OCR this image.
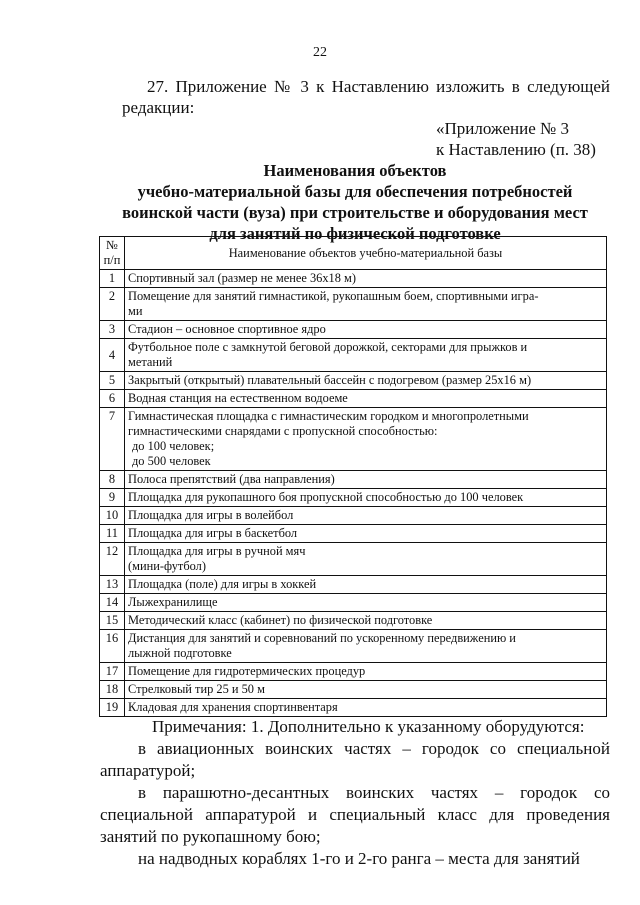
22
27. Приложение № 3 к Наставлению изложить в следующей
редакции:
«Приложение № 3
к Наставлению (п. 38)
Наименования объектов
учебно-материальной базы для обеспечения потребностей
воинской части (вуза) при строительстве и оборудования мест
для занятий по физической подготовке
№
п/п	Наименование объектов учебно-материальной базы
1	Спортивный зал (размер не менее 36х18 м)
2	Помещение для занятий гимнастикой, рукопашным боем, спортивными игра-
ми

3	Стадион – основное спортивное ядро
4	Футбольное поле с замкнутой беговой дорожкой, секторами для прыжков и
метаний

5	Закрытый (открытый) плавательный бассейн с подогревом (размер 25х16 м)
6	Водная станция на естественном водоеме
7	Гимнастическая площадка с гимнастическим городком и многопролетными
гимнастическими снарядами с пропускной способностью:
до 100 человек;
до 500 человек

8	Полоса препятствий (два направления)
9	Площадка для рукопашного боя пропускной способностью до 100 человек
10	Площадка для игры в волейбол
11	Площадка для игры в баскетбол
12	Площадка для игры в ручной мяч
(мини-футбол)

13	Площадка (поле) для игры в хоккей
14	Лыжехранилище
15	Методический класс (кабинет) по физической подготовке
16	Дистанция для занятий и соревнований по ускоренному передвижению и
лыжной подготовке

17	Помещение для гидротермических процедур
18	Стрелковый тир 25 и 50 м
19	Кладовая для хранения спортинвентаря

Примечания: 1. Дополнительно к указанному оборудуются:

в авиационных воинских частях – городок со специальной аппаратурой;

в парашютно-десантных воинских частях – городок со специальной аппаратурой и специальный класс для проведения занятий по рукопашному бою;

на надводных кораблях 1-го и 2-го ранга – места для занятий
